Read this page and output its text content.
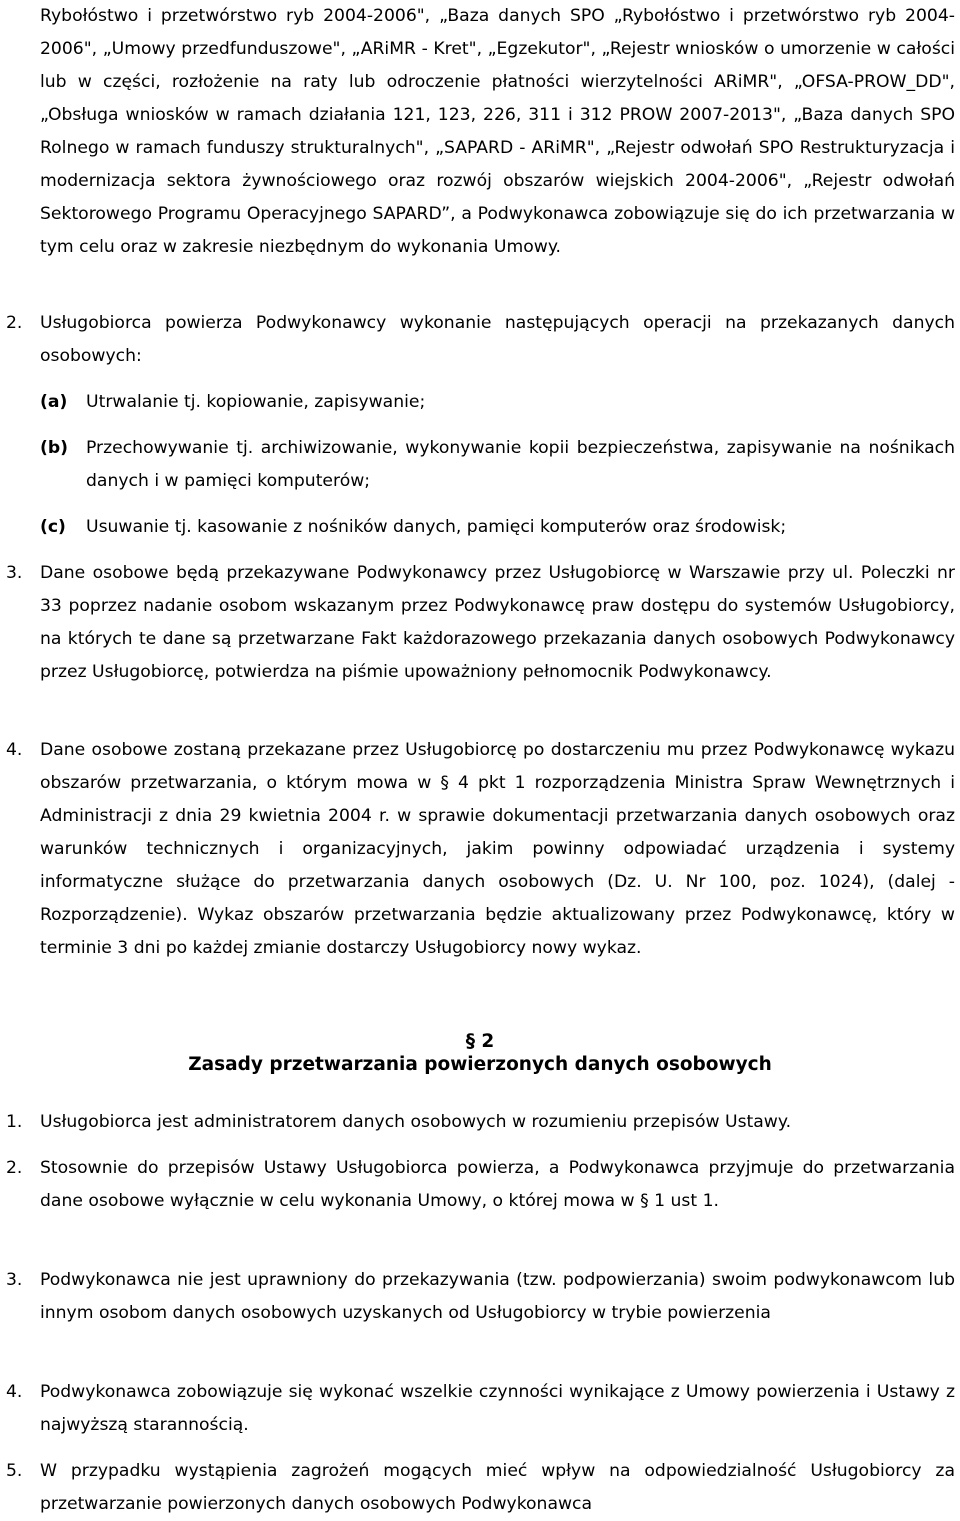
Rybołóstwo i przetwórstwo ryb 2004-2006", „Baza danych SPO „Rybołóstwo i przetwórstwo ryb 2004-2006", „Umowy przedfunduszowe", „ARiMR - Kret", „Egzekutor", „Rejestr wniosków o umorzenie w całości lub w części, rozłożenie na raty lub odroczenie płatności wierzytelności ARiMR", „OFSA-PROW_DD", „Obsługa wniosków w ramach działania 121, 123, 226, 311 i 312 PROW 2007-2013", „Baza danych SPO Rolnego w ramach funduszy strukturalnych", „SAPARD - ARiMR", „Rejestr odwołań SPO Restrukturyzacja i modernizacja sektora żywnościowego oraz rozwój obszarów wiejskich 2004-2006", „Rejestr odwołań Sektorowego Programu Operacyjnego SAPARD”, a Podwykonawca zobowiązuje się do ich przetwarzania w tym celu oraz w zakresie niezbędnym do wykonania Umowy.

2. Usługobiorca powierza Podwykonawcy wykonanie następujących operacji na przekazanych danych osobowych:

(a) Utrwalanie tj. kopiowanie, zapisywanie;

(b) Przechowywanie tj. archiwizowanie, wykonywanie kopii bezpieczeństwa, zapisywanie na nośnikach danych i w pamięci komputerów;

(c) Usuwanie tj. kasowanie z nośników danych, pamięci komputerów oraz środowisk;

3. Dane osobowe będą przekazywane Podwykonawcy przez Usługobiorcę w Warszawie przy ul. Poleczki nr 33 poprzez nadanie osobom wskazanym przez Podwykonawcę praw dostępu do systemów Usługobiorcy, na których te dane są przetwarzane Fakt każdorazowego przekazania danych osobowych Podwykonawcy przez Usługobiorcę, potwierdza na piśmie upoważniony pełnomocnik Podwykonawcy.

4. Dane osobowe zostaną przekazane przez Usługobiorcę po dostarczeniu mu przez Podwykonawcę wykazu obszarów przetwarzania, o którym mowa w § 4 pkt 1 rozporządzenia Ministra Spraw Wewnętrznych i Administracji z dnia 29 kwietnia 2004 r. w sprawie dokumentacji przetwarzania danych osobowych oraz warunków technicznych i organizacyjnych, jakim powinny odpowiadać urządzenia i systemy informatyczne służące do przetwarzania danych osobowych (Dz. U. Nr 100, poz. 1024), (dalej - Rozporządzenie). Wykaz obszarów przetwarzania będzie aktualizowany przez Podwykonawcę, który w terminie 3 dni po każdej zmianie dostarczy Usługobiorcy nowy wykaz.

§ 2
Zasady przetwarzania powierzonych danych osobowych
1. Usługobiorca jest administratorem danych osobowych w rozumieniu przepisów Ustawy.

2. Stosownie do przepisów Ustawy Usługobiorca powierza, a Podwykonawca przyjmuje do przetwarzania dane osobowe wyłącznie w celu wykonania Umowy, o której mowa w § 1 ust 1.

3. Podwykonawca nie jest uprawniony do przekazywania (tzw. podpowierzania) swoim podwykonawcom lub innym osobom danych osobowych uzyskanych od Usługobiorcy w trybie powierzenia

4. Podwykonawca zobowiązuje się wykonać wszelkie czynności wynikające z Umowy powierzenia i Ustawy z najwyższą starannością.

5. W przypadku wystąpienia zagrożeń mogących mieć wpływ na odpowiedzialność Usługobiorcy za przetwarzanie powierzonych danych osobowych Podwykonawca
